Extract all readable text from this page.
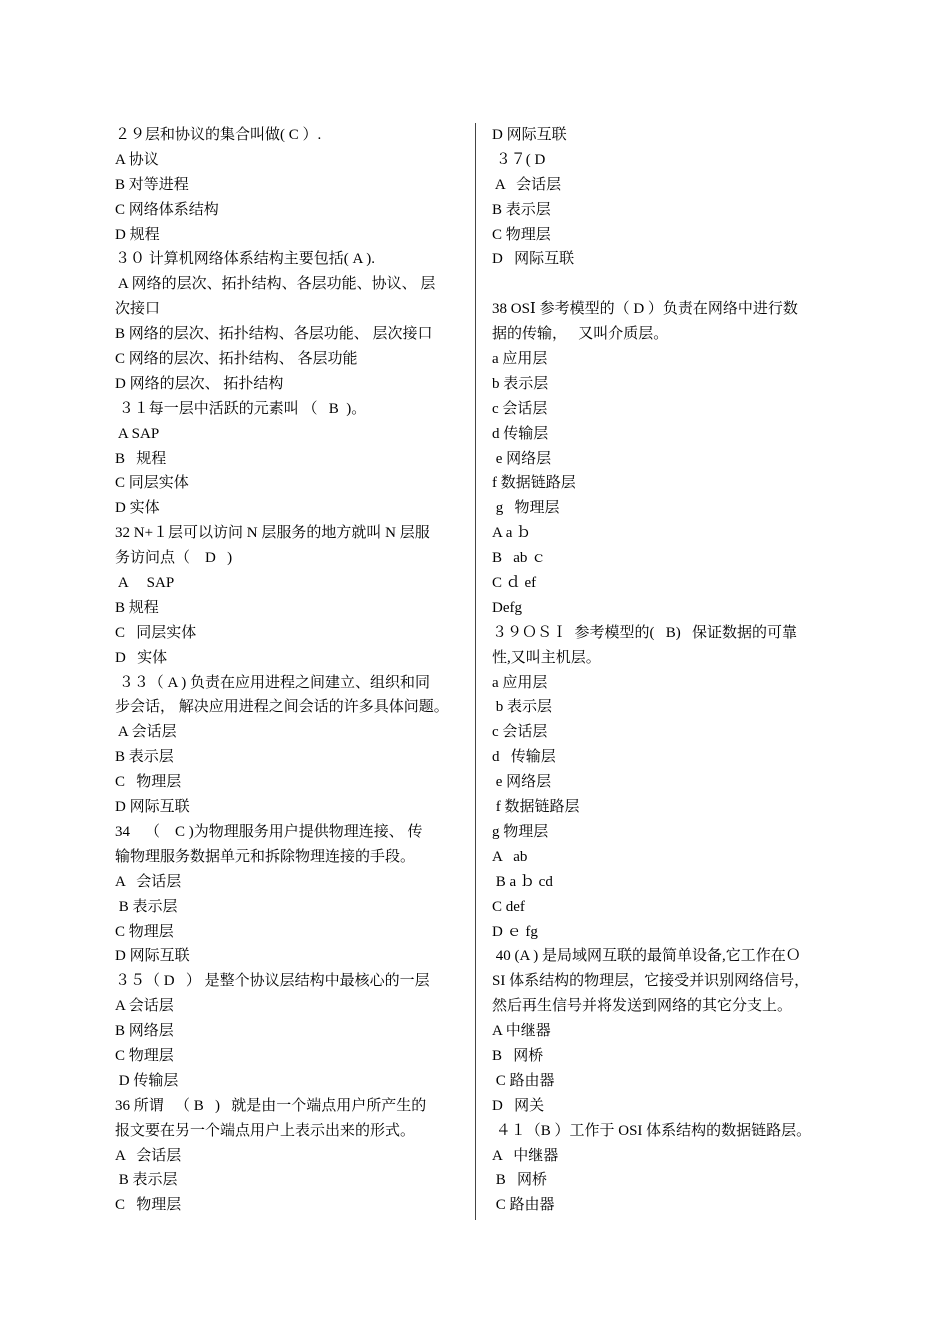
２９层和协议的集合叫做( C ）.
A 协议
B 对等进程
C 网络体系结构
D 规程
３０ 计算机网络体系结构主要包括( A ).
A 网络的层次、拓扑结构、各层功能、协议、 层
次接口
B 网络的层次、拓扑结构、各层功能、 层次接口
C 网络的层次、拓扑结构、 各层功能
D 网络的层次、 拓扑结构
３１每一层中活跃的元素叫 （   B  )。
A SAP
B   规程
C 同层实体
D 实体
32 N+１层可以访问 N 层服务的地方就叫 N 层服
务访问点（    D   )
A     SAP
B 规程
C   同层实体
D   实体
３３（ A ) 负责在应用进程之间建立、组织和同
步会话， 解决应用进程之间会话的许多具体问题。
A 会话层
B 表示层
C   物理层
D 网际互联
34    （    C )为物理服务用户提供物理连接、 传
输物理服务数据单元和拆除物理连接的手段。
A   会话层
B 表示层
C 物理层
D 网际互联
３５（ D   ） 是整个协议层结构中最核心的一层
A 会话层
B 网络层
C 物理层
D 传输层
36 所谓   （ B   )   就是由一个端点用户所产生的
报文要在另一个端点用户上表示出来的形式。
A   会话层
B 表示层
C   物理层
D 网际互联
３７( D
A   会话层
B 表示层
C 物理层
D   网际互联
38 OSⅠ 参考模型的（ D ）负责在网络中进行数
据的传输，   又叫介质层。
a 应用层
b 表示层
c 会话层
d 传输层
e 网络层
f 数据链路层
g   物理层
A a ｂ
B   ab ｃ
C ｄ ef
Defg
３９ＯＳＩ  参考模型的(   B)   保证数据的可靠
性,又叫主机层。
a 应用层
b 表示层
c 会话层
d   传输层
e 网络层
f 数据链路层
g 物理层
A   ab
B a ｂ cd
C def
D ｅ fg
40 (A ) 是局域网互联的最简单设备,它工作在Ｏ
SI 体系结构的物理层，它接受并识别网络信号，
然后再生信号并将发送到网络的其它分支上。
A 中继器
B   网桥
C 路由器
D   网关
４１（B ）工作于 OSI 体系结构的数据链路层。
A   中继器
B   网桥
C 路由器
